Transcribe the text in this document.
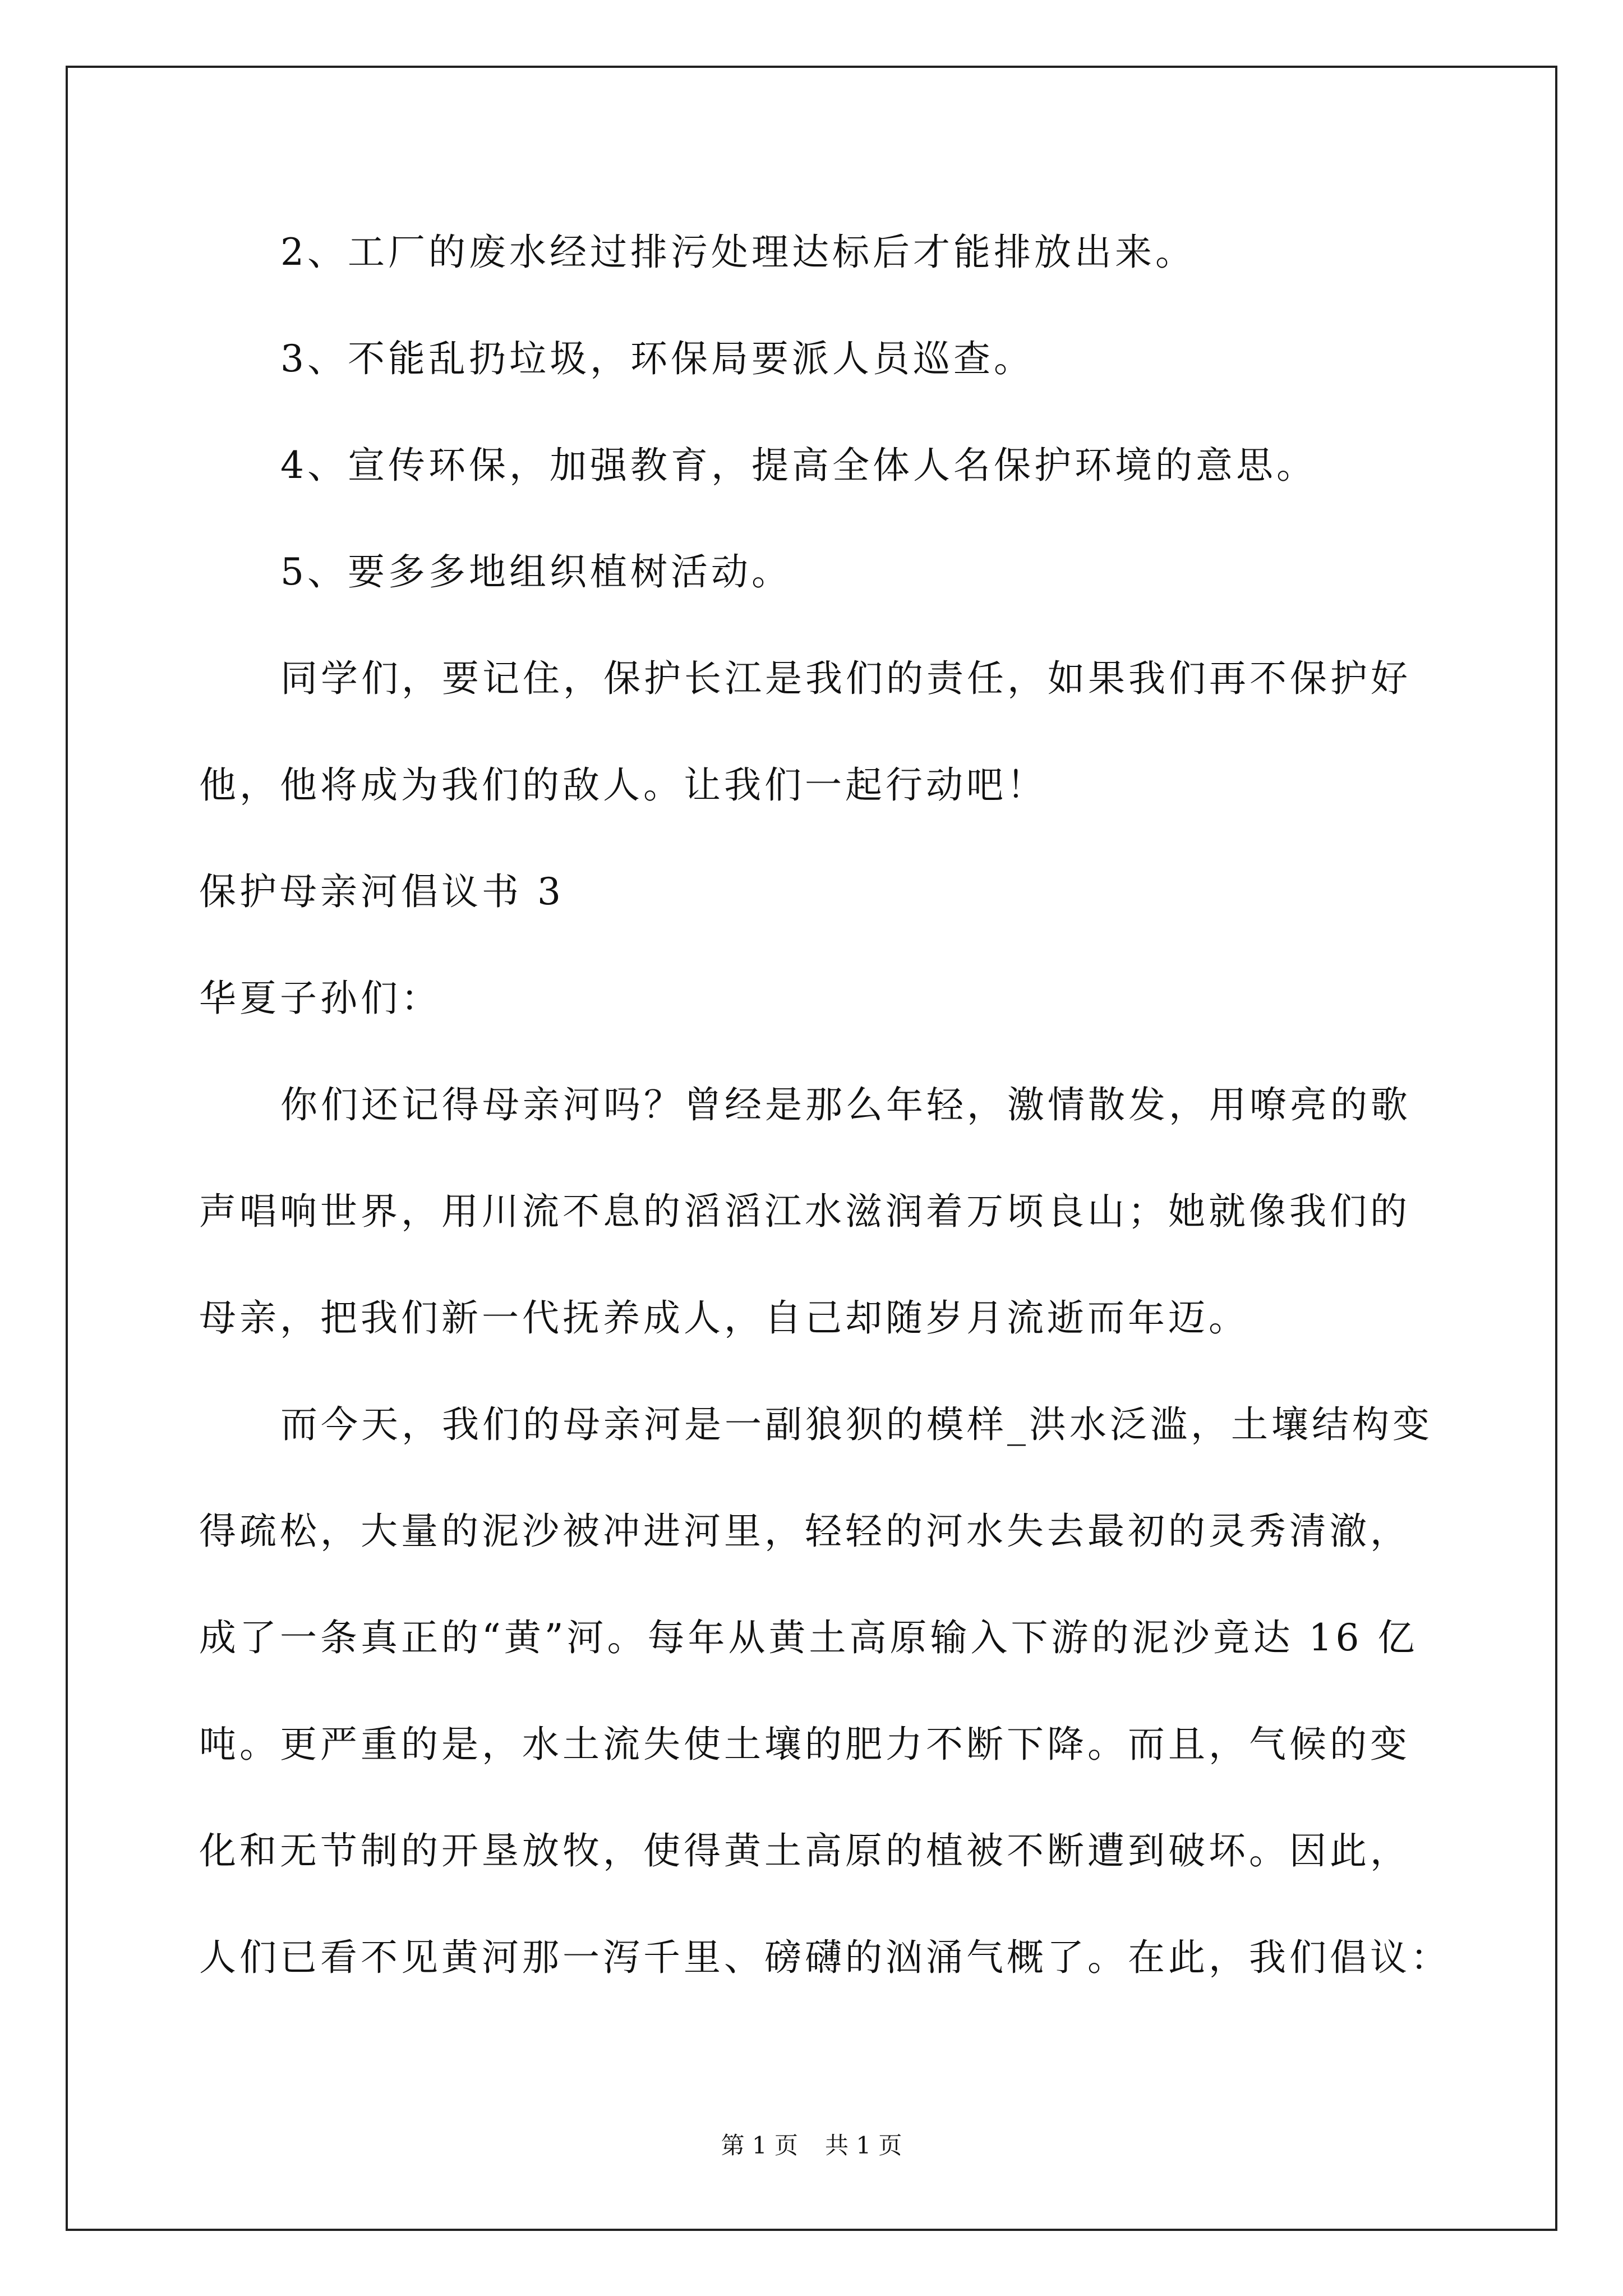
2、工厂的废水经过排污处理达标后才能排放出来。
3、不能乱扔垃圾，环保局要派人员巡查。
4、宣传环保，加强教育，提高全体人名保护环境的意思。
5、要多多地组织植树活动。
同学们，要记住，保护长江是我们的责任，如果我们再不保护好
他，他将成为我们的敌人。让我们一起行动吧！
保护母亲河倡议书 3
华夏子孙们：
你们还记得母亲河吗？曾经是那么年轻，激情散发，用嘹亮的歌
声唱响世界，用川流不息的滔滔江水滋润着万顷良山；她就像我们的
母亲，把我们新一代抚养成人，自己却随岁月流逝而年迈。
而今天，我们的母亲河是一副狼狈的模样_洪水泛滥，土壤结构变
得疏松，大量的泥沙被冲进河里，轻轻的河水失去最初的灵秀清澈，
成了一条真正的“黄”河。每年从黄土高原输入下游的泥沙竟达 16 亿
吨。更严重的是，水土流失使土壤的肥力不断下降。而且，气候的变
化和无节制的开垦放牧，使得黄土高原的植被不断遭到破坏。因此，
人们已看不见黄河那一泻千里、磅礴的汹涌气概了。在此，我们倡议：
第 1 页 共 1 页
